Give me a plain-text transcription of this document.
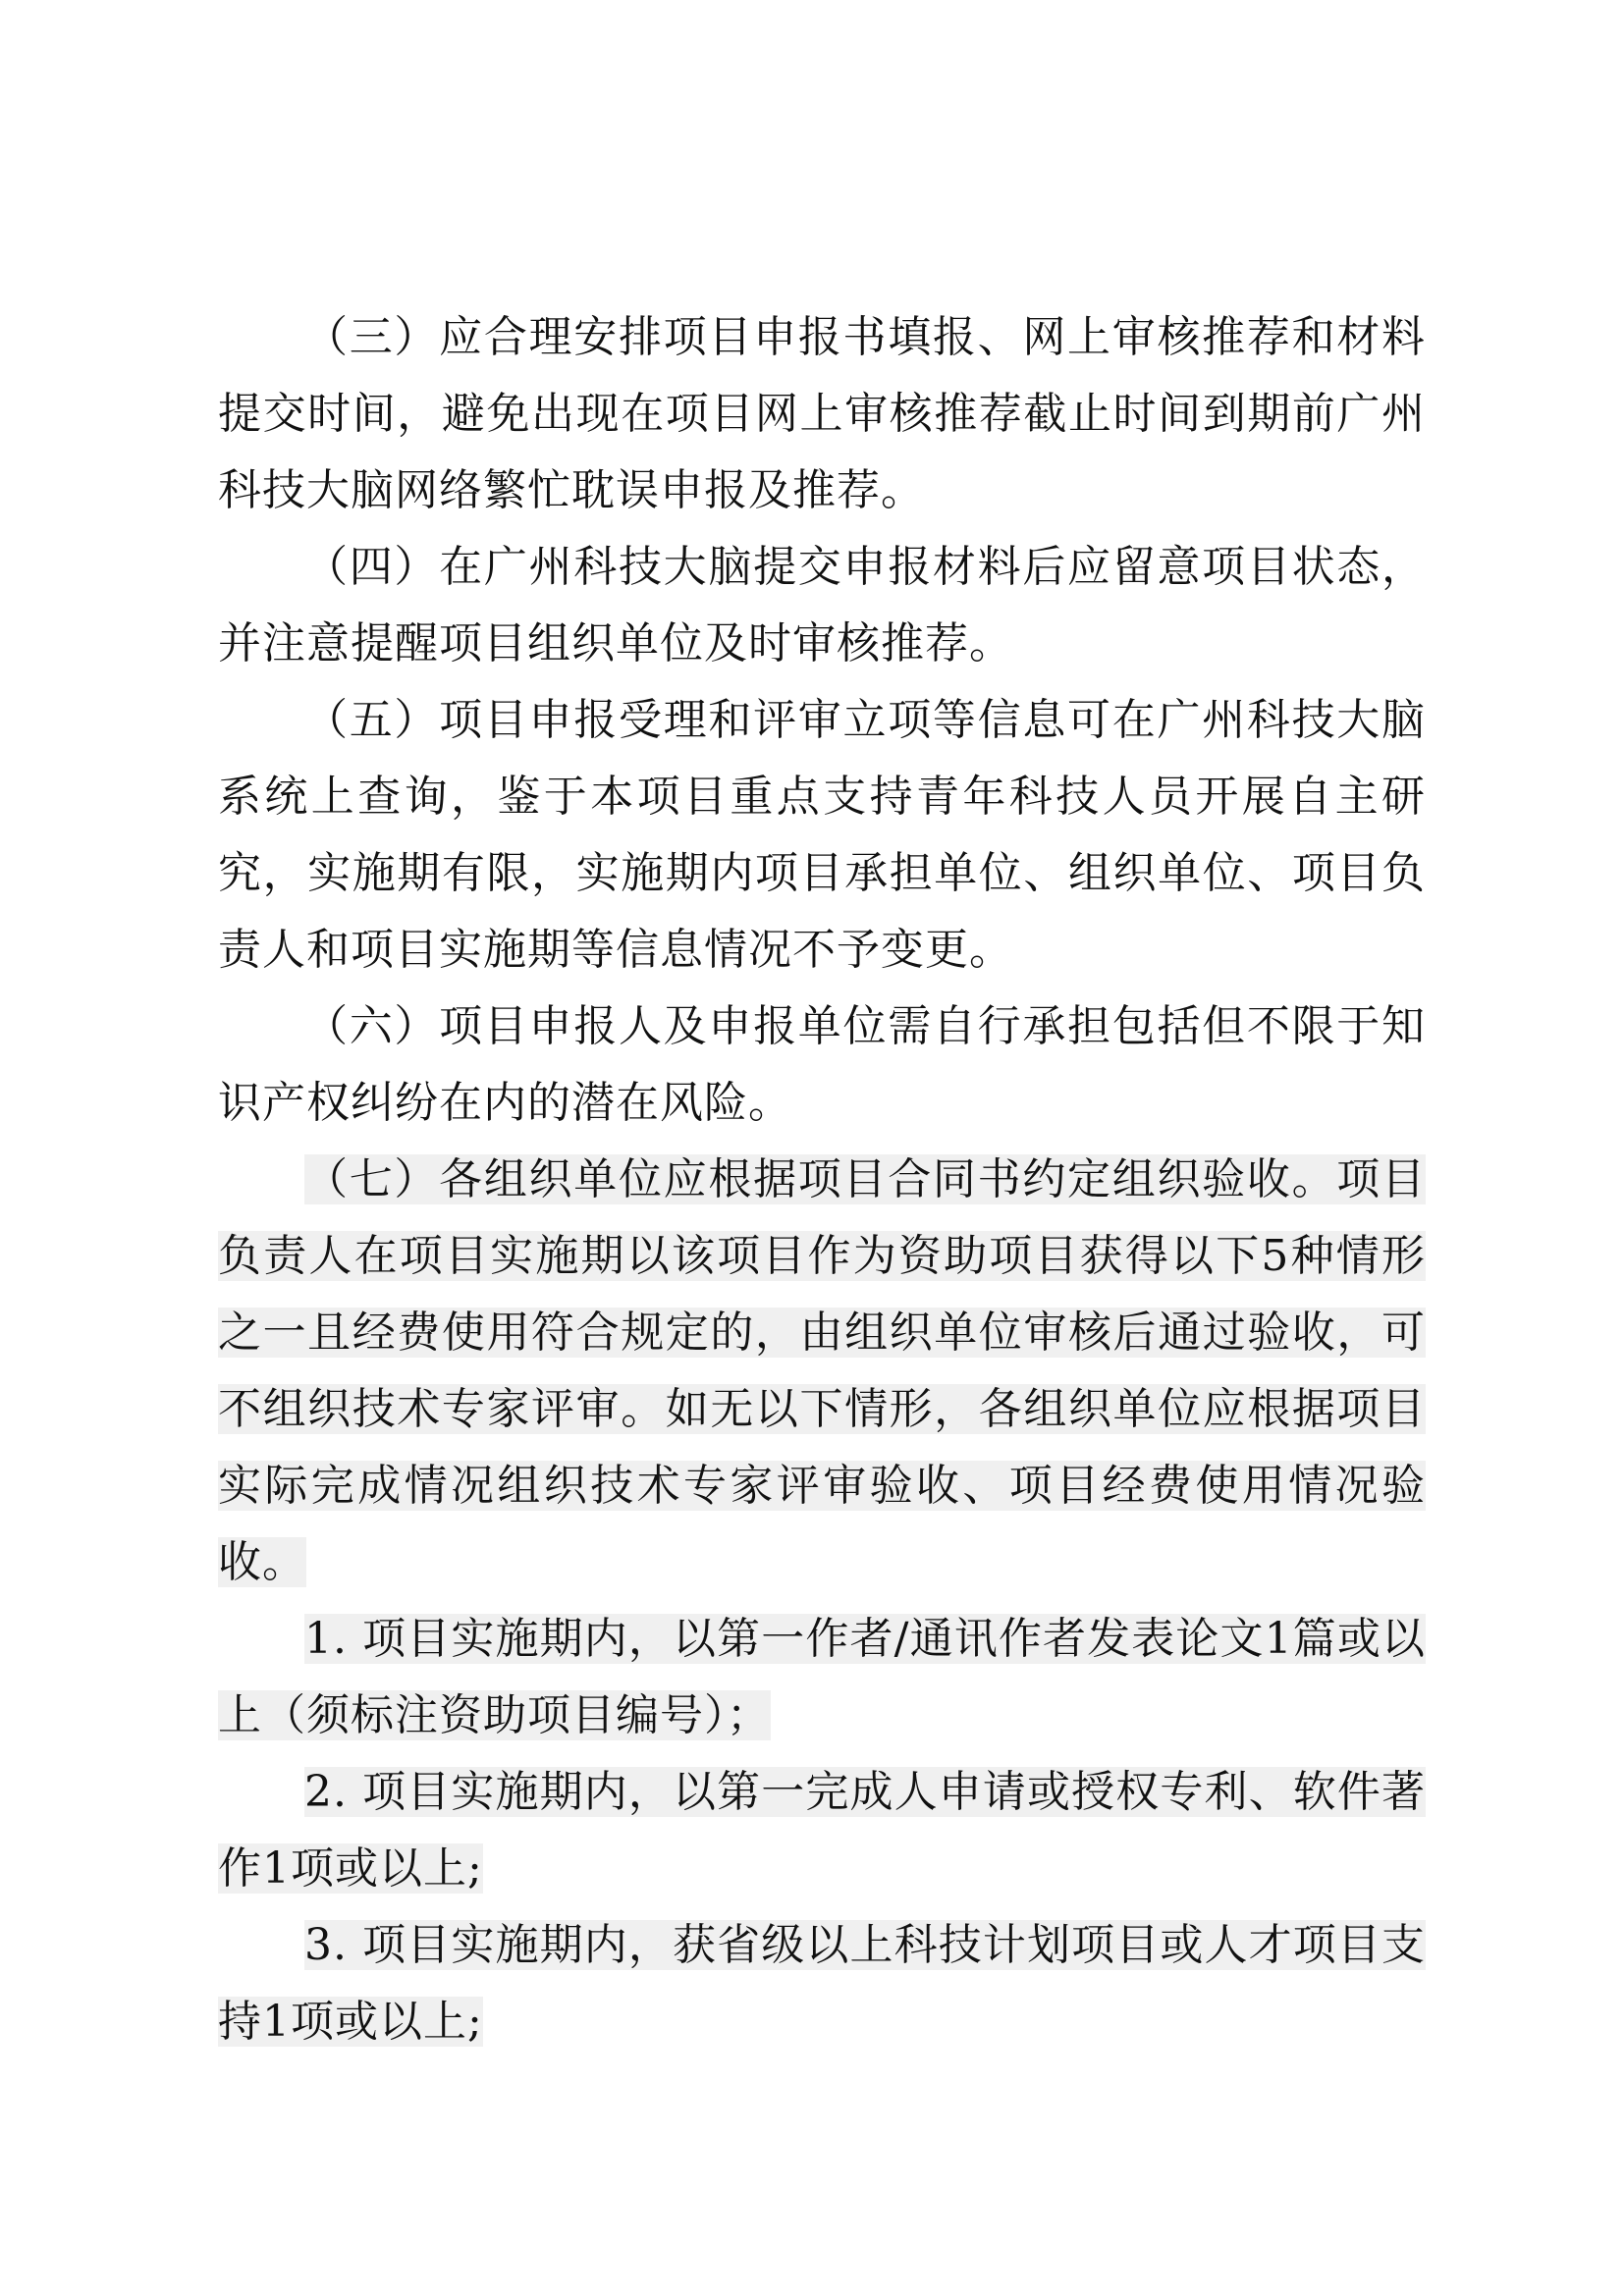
（三）应合理安排项目申报书填报、网上审核推荐和材料提交时间，避免出现在项目网上审核推荐截止时间到期前广州科技大脑网络繁忙耽误申报及推荐。

（四）在广州科技大脑提交申报材料后应留意项目状态，并注意提醒项目组织单位及时审核推荐。

（五）项目申报受理和评审立项等信息可在广州科技大脑系统上查询，鉴于本项目重点支持青年科技人员开展自主研究，实施期有限，实施期内项目承担单位、组织单位、项目负责人和项目实施期等信息情况不予变更。

（六）项目申报人及申报单位需自行承担包括但不限于知识产权纠纷在内的潜在风险。

（七）各组织单位应根据项目合同书约定组织验收。项目负责人在项目实施期以该项目作为资助项目获得以下5种情形之一且经费使用符合规定的，由组织单位审核后通过验收，可不组织技术专家评审。如无以下情形，各组织单位应根据项目实际完成情况组织技术专家评审验收、项目经费使用情况验收。

1. 项目实施期内，以第一作者/通讯作者发表论文1篇或以上（须标注资助项目编号）；

2. 项目实施期内，以第一完成人申请或授权专利、软件著作1项或以上;

3. 项目实施期内，获省级以上科技计划项目或人才项目支持1项或以上;
